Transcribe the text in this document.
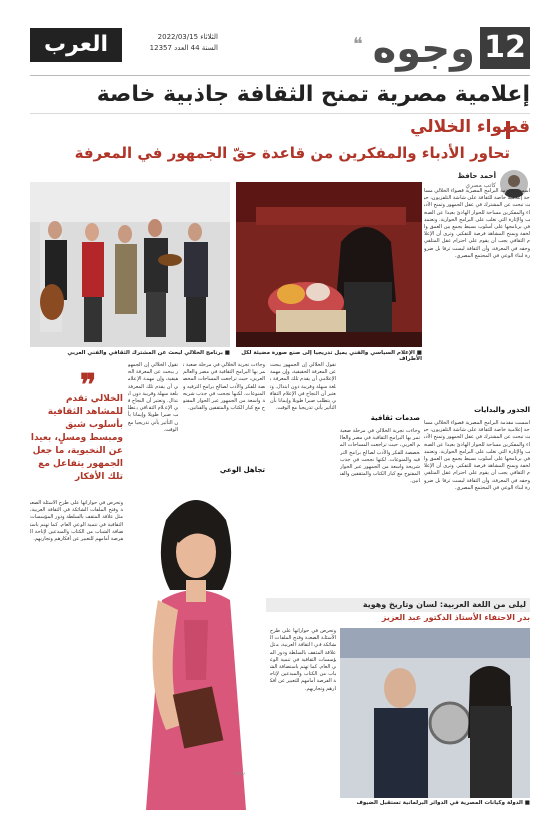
12
وجوه
❝
العرب	الثلاثاء 2022/03/15
السنة 44 العدد 12357
إعلامية مصرية تمنح الثقافة جاذبية خاصة
قصواء الخلالي
تحاور الأدباء والمفكرين من قاعدة حقّ الجمهور في المعرفة
أحمد حافظ
كاتب مصري
أسست مقدمة البرامج المصرية قصواء الخلالي مساحة إعلامية خاصة للثقافة على شاشة التلفزيون، حيث تبحث عن المشترك في عقل الجمهور وتمنح الأدباء والمفكرين مساحة للحوار الهادئ بعيدا عن الصخب والإثارة التي تغلب على البرامج الحوارية. وتعتمد في برنامجها على أسلوب بسيط يجمع بين العمق والخفة ويمنح المشاهد فرصة للتفكير. وترى أن الإعلام الثقافي يجب أن يقوم على احترام عقل المتلقي وحقه في المعرفة، وأن الثقافة ليست ترفا بل ضرورة لبناء الوعي في المجتمع المصري.
■ الإعلام السياسي والفني يميل تدريجيا إلى صنع صورة مضيئة لكل الأطراف
■ برنامج الخلالي لبحث عن المشترك الثقافي والفني العربي
❞
الخلالي تقدم للمشاهد الثقافية بأسلوب شيق ومبسط ومسلٍ، بعيدا عن النخبوية، ما جعل الجمهور يتفاعل مع تلك الأفكار
وتحرص في حواراتها على طرح الأسئلة الصعبة وفتح الملفات الشائكة في الثقافة العربية، مثل علاقة المثقف بالسلطة ودور المؤسسات الثقافية في تنمية الوعي العام. كما تهتم باستضافة الشباب من الكتاب والمبدعين لإتاحة الفرصة أمامهم للتعبير عن أفكارهم وتجاربهم.
تقول الخلالي إن الجمهور يبحث عن المعرفة الحقيقية، وإن مهمة الإعلامي أن يقدم تلك المعرفة بلغة سهلة وقريبة دون ابتذال. وتعتبر أن النجاح في الإعلام الثقافي يتطلب صبرا طويلا وإيمانا بأن التأثير يأتي تدريجيا مع الوقت.
تجاهل الوعي
وجاءت تجربة الخلالي في مرحلة صعبة تمر بها البرامج الثقافية في مصر والعالم العربي، حيث تراجعت المساحات المخصصة للفكر والأدب لصالح برامج الترفيه والمنوعات. لكنها نجحت في جذب شريحة واسعة من الجمهور عبر الحوار المفتوح مع كبار الكتاب والمثقفين والفنانين.
رسم
الجذور والبدايات
أسست مقدمة البرامج المصرية قصواء الخلالي مساحة إعلامية خاصة للثقافة على شاشة التلفزيون، حيث تبحث عن المشترك في عقل الجمهور وتمنح الأدباء والمفكرين مساحة للحوار الهادئ بعيدا عن الصخب والإثارة التي تغلب على البرامج الحوارية. وتعتمد في برنامجها على أسلوب بسيط يجمع بين العمق والخفة ويمنح المشاهد فرصة للتفكير. وترى أن الإعلام الثقافي يجب أن يقوم على احترام عقل المتلقي وحقه في المعرفة، وأن الثقافة ليست ترفا بل ضرورة لبناء الوعي في المجتمع المصري.
صدمات ثقافية
وجاءت تجربة الخلالي في مرحلة صعبة تمر بها البرامج الثقافية في مصر والعالم العربي، حيث تراجعت المساحات المخصصة للفكر والأدب لصالح برامج الترفيه والمنوعات. لكنها نجحت في جذب شريحة واسعة من الجمهور عبر الحوار المفتوح مع كبار الكتاب والمثقفين والفنانين.
تقول الخلالي إن الجمهور يبحث عن المعرفة الحقيقية، وإن مهمة الإعلامي أن يقدم تلك المعرفة بلغة سهلة وقريبة دون ابتذال. وتعتبر أن النجاح في الإعلام الثقافي يتطلب صبرا طويلا وإيمانا بأن التأثير يأتي تدريجيا مع الوقت.
ليلى من اللغة العربية: لسان وتاريخ وهوية
بدر الاحتفاء الأستاذ الدكتور عبد العزيز
وتحرص في حواراتها على طرح الأسئلة الصعبة وفتح الملفات الشائكة في الثقافة العربية، مثل علاقة المثقف بالسلطة ودور المؤسسات الثقافية في تنمية الوعي العام. كما تهتم باستضافة الشباب من الكتاب والمبدعين لإتاحة الفرصة أمامهم للتعبير عن أفكارهم وتجاربهم.
■ الدولة وكيانات المصرية في الدوائر البرلمانية تستقبل الضيوف
